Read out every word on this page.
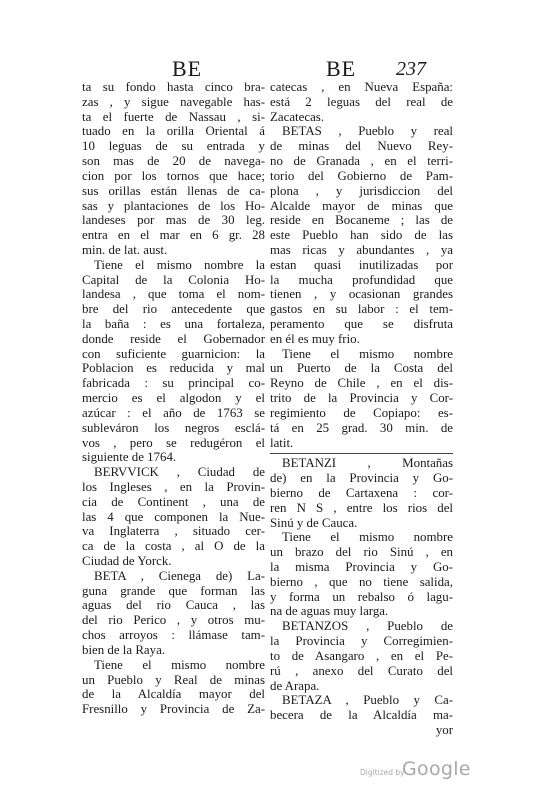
BE	BE 237
ta su fondo hasta cinco bra-
zas , y sigue navegable has-
ta el fuerte de Nassau , si-
tuado en la orilla Oriental á
10 leguas de su entrada y
son mas de 20 de navega-
cion por los tornos que hace;
sus orillas están llenas de ca-
sas y plantaciones de los Ho-
landeses por mas de 30 leg.
entra en el mar en 6 gr. 28
min. de lat. aust.
Tiene el mismo nombre la
Capital de la Colonia Ho-
landesa , que toma el nom-
bre del rio antecedente que
la baña : es una fortaleza,
donde reside el Gobernador
con suficiente guarnicion: la
Poblacion es reducida y mal
fabricada : su principal co-
mercio es el algodon y el
azúcar : el año de 1763 se
subleváron los negros esclá-
vos , pero se redugéron el
siguiente de 1764.
BERVVICK , Ciudad de
los Ingleses , en la Provin-
cia de Continent , una de
las 4 que componen la Nue-
va Inglaterra , situado cer-
ca de la costa , al O de la
Ciudad de Yorck.
BETA , Cienega de) La-
guna grande que forman las
aguas del rio Cauca , las
del rio Perico , y otros mu-
chos arroyos : llámase tam-
bien de la Raya.
Tiene el mismo nombre
un Pueblo y Real de minas
de la Alcaldía mayor del
Fresnillo y Provincia de Za-
catecas , en Nueva España:
está 2 leguas del real de
Zacatecas.
BETAS , Pueblo y real
de minas del Nuevo Rey-
no de Granada , en el terri-
torio del Gobierno de Pam-
plona , y jurisdiccion del
Alcalde mayor de minas que
reside en Bocaneme ; las de
este Pueblo han sido de las
mas ricas y abundantes , ya
estan quasi inutilizadas por
la mucha profundidad que
tienen , y ocasionan grandes
gastos en su labor : el tem-
peramento que se disfruta
en él es muy frio.
Tiene el mismo nombre
un Puerto de la Costa del
Reyno de Chile , en el dis-
trito de la Provincia y Cor-
regimiento de Copiapo: es-
tá en 25 grad. 30 min. de
latit.
BETANZI , Montañas
de) en la Provincia y Go-
bierno de Cartaxena : cor-
ren N S , entre los rios del
Sinú y de Cauca.
Tiene el mismo nombre
un brazo del rio Sinú , en
la misma Provincia y Go-
bierno , que no tiene salida,
y forma un rebalso ó lagu-
na de aguas muy larga.
BETANZOS , Pueblo de
la Provincia y Corregimien-
to de Asangaro , en el Pe-
rú , anexo del Curato del
de Arapa.
BETAZA , Pueblo y Ca-
becera de la Alcaldía ma-
yor
Digitized by
Google
